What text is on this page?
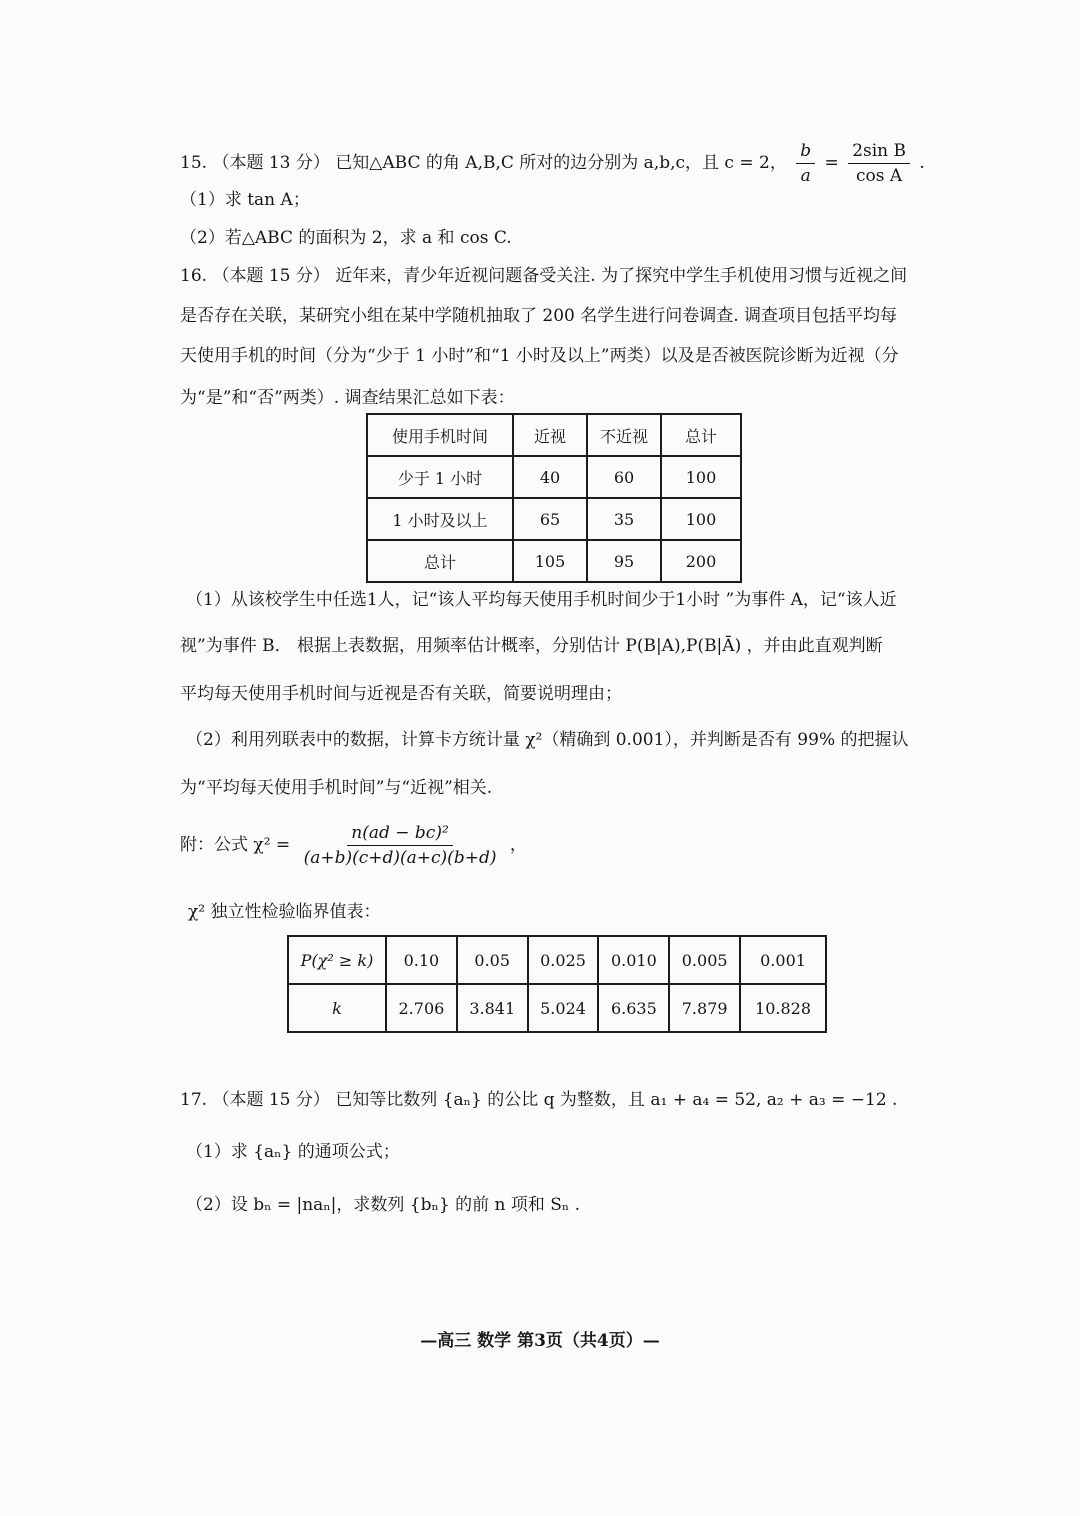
15. （本题 13 分） 已知△ABC 的角 A,B,C 所对的边分别为 a,b,c，且 c = 2， $\frac{b}{a} = \frac{\text{2sin B}}{\text{cos A}}$ .
（1）求 tan A；
（2）若△ABC 的面积为 2，求 a 和 cos C.
16. （本题 15 分） 近年来，青少年近视问题备受关注. 为了探究中学生手机使用习惯与近视之间
是否存在关联，某研究小组在某中学随机抽取了 200 名学生进行问卷调查. 调查项目包括平均每
天使用手机的时间（分为“少于 1 小时”和“1 小时及以上”两类）以及是否被医院诊断为近视（分
为“是”和“否”两类）. 调查结果汇总如下表：
使用手机时间	近视	不近视	总计
少于 1 小时	40	60	100
1 小时及以上	65	35	100
总计	105	95	200
（1）从该校学生中任选1人，记“该人平均每天使用手机时间少于1小时 ”为事件 A，记“该人近
视”为事件 B． 根据上表数据，用频率估计概率，分别估计 P(B|A),P(B|Ā) ，并由此直观判断
平均每天使用手机时间与近视是否有关联，简要说明理由；
（2）利用列联表中的数据，计算卡方统计量 χ²（精确到 0.001），并判断是否有 99% 的把握认
为“平均每天使用手机时间”与“近视”相关.
附：公式 $\chi^2 = \frac{\text{n(ad − bc)²}}{(a+b)(c+d)(a+c)(b+d)}$ ，
χ² 独立性检验临界值表：
P(χ² ≥ k)	0.10	0.05	0.025	0.010	0.005	0.001
k	2.706	3.841	5.024	6.635	7.879	10.828
17. （本题 15 分） 已知等比数列 {aₙ} 的公比 q 为整数，且 a₁ + a₄ = 52, a₂ + a₃ = −12 .
（1）求 {aₙ} 的通项公式；
（2）设 bₙ = |naₙ|，求数列 {bₙ} 的前 n 项和 Sₙ .
—高三 数学 第3页（共4页）—
